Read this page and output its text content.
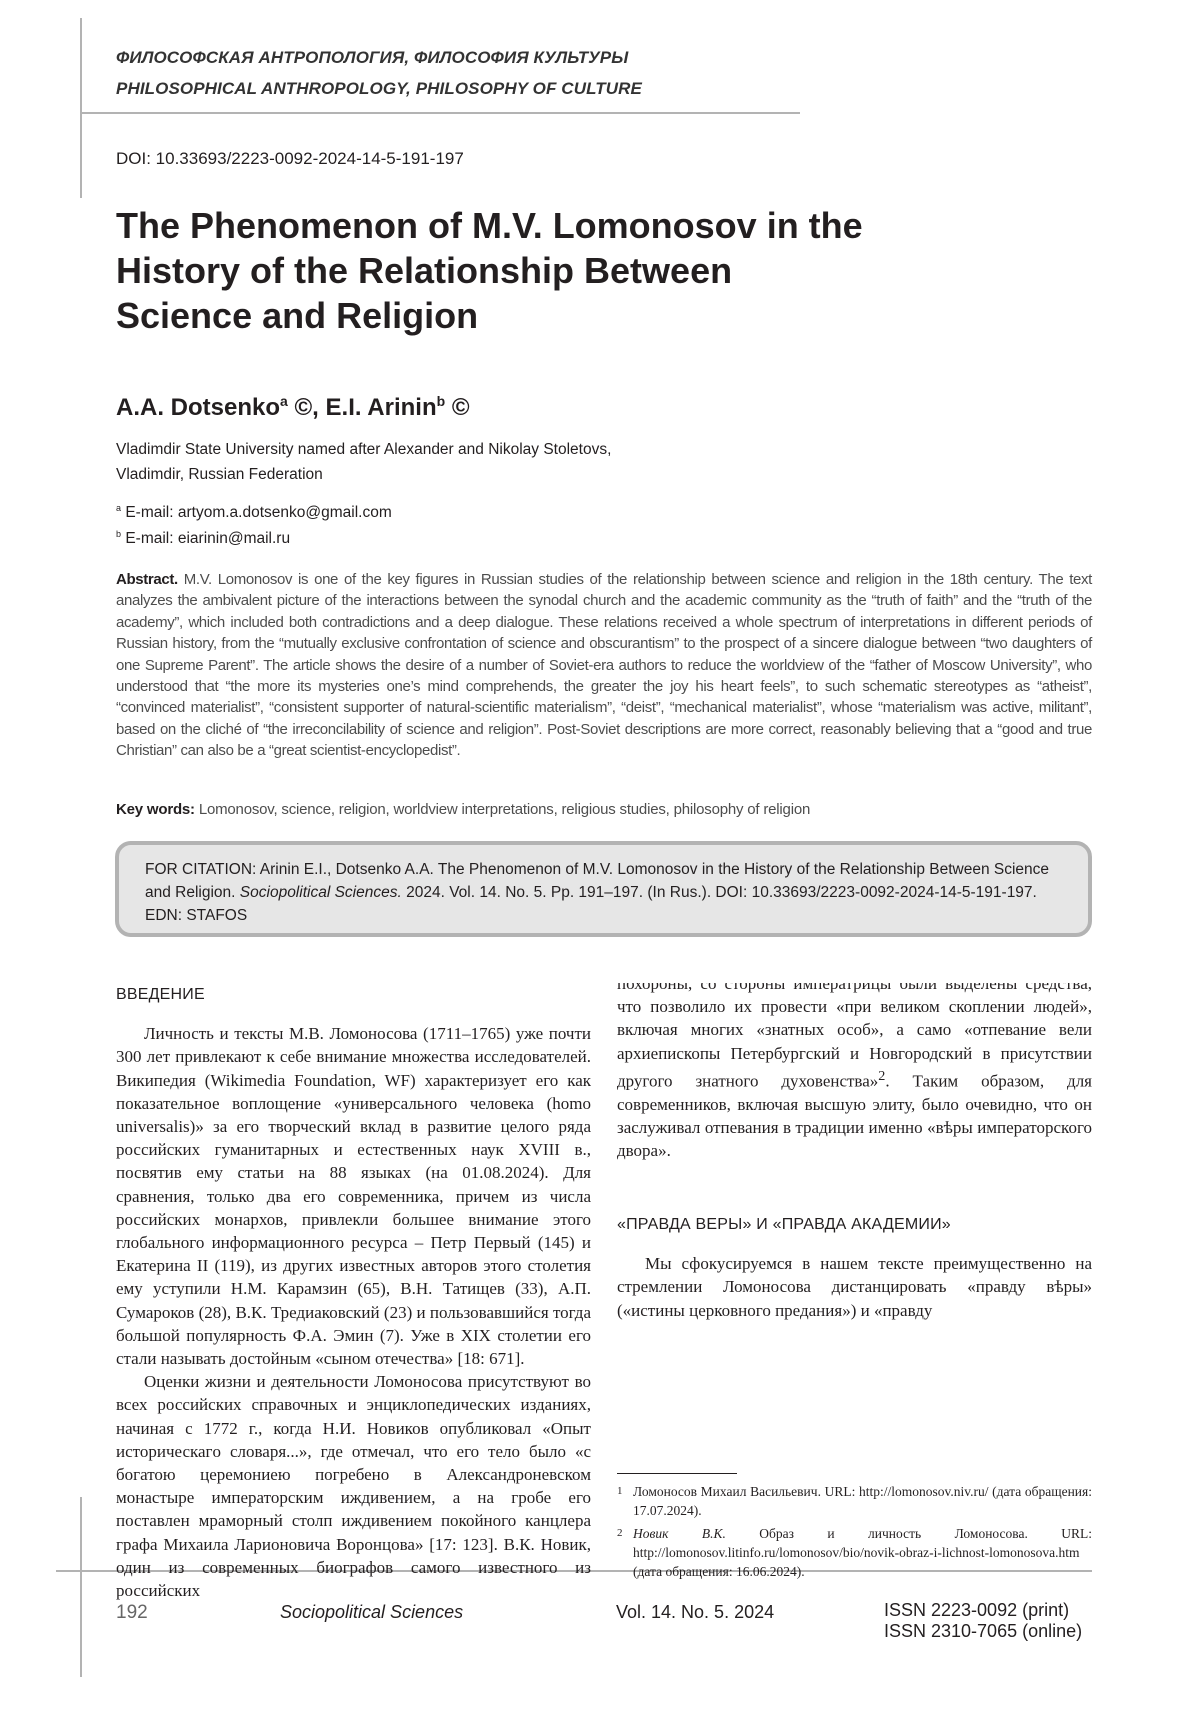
ФИЛОСОФСКАЯ АНТРОПОЛОГИЯ, ФИЛОСОФИЯ КУЛЬТУРЫ
PHILOSOPHICAL ANTHROPOLOGY, PHILOSOPHY OF CULTURE
DOI: 10.33693/2223-0092-2024-14-5-191-197
The Phenomenon of M.V. Lomonosov in the History of the Relationship Between Science and Religion
A.A. Dotsenkoa ©, E.I. Arininb ©
Vladimdir State University named after Alexander and Nikolay Stoletovs,
Vladimdir, Russian Federation
a E-mail: artyom.a.dotsenko@gmail.com
b E-mail: eiarinin@mail.ru

Abstract. M.V. Lomonosov is one of the key figures in Russian studies of the relationship between science and religion in the 18th century. The text analyzes the ambivalent picture of the interactions between the synodal church and the academic community as the “truth of faith” and the “truth of the academy”, which included both contradictions and a deep dialogue. These relations received a whole spectrum of interpretations in different periods of Russian history, from the “mutually exclusive confrontation of science and obscurantism” to the prospect of a sincere dialogue between “two daughters of one Supreme Parent”. The article shows the desire of a number of Soviet-era authors to reduce the worldview of the “father of Moscow University”, who understood that “the more its mysteries one’s mind comprehends, the greater the joy his heart feels”, to such schematic stereotypes as “atheist”, “convinced materialist”, “consistent supporter of natural-scientific materialism”, “deist”, “mechanical materialist”, whose “materialism was active, militant”, based on the cliché of “the irreconcilability of science and religion”. Post-Soviet descriptions are more correct, reasonably believing that a “good and true Christian” can also be a “great scientist-encyclopedist”.

Key words: Lomonosov, science, religion, worldview interpretations, religious studies, philosophy of religion

FOR CITATION: Arinin E.I., Dotsenko A.A. The Phenomenon of M.V. Lomonosov in the History of the Relationship Between Science and Religion. Sociopolitical Sciences. 2024. Vol. 14. No. 5. Pp. 191–197. (In Rus.). DOI: 10.33693/2223-0092-2024-14-5-191-197. EDN: STAFOS
ВВЕДЕНИЕ

Личность и тексты М.В. Ломоносова (1711–1765) уже почти 300 лет привлекают к себе внимание множества исследователей. Википедия (Wikimedia Foundation, WF) характеризует его как показательное воплощение «универсального человека (homo universalis)» за его творческий вклад в развитие целого ряда российских гуманитарных и естественных наук XVIII в., посвятив ему статьи на 88 языках (на 01.08.2024). Для сравнения, только два его современника, причем из числа российских монархов, привлекли большее внимание этого глобального информационного ресурса – Петр Первый (145) и Екатерина II (119), из других известных авторов этого столетия ему уступили Н.М. Карамзин (65), В.Н. Татищев (33), А.П. Сумароков (28), В.К. Тредиаковский (23) и пользовавшийся тогда большой популярность Ф.А. Эмин (7). Уже в XIX столетии его стали называть достойным «сыном отечества» [18: 671].

Оценки жизни и деятельности Ломоносова присутствуют во всех российских справочных и энциклопедических изданиях, начиная с 1772 г., когда Н.И. Новиков опубликовал «Опыт историческагo словаря...», где отмечал, что его тело было «с богатою церемониею погребено в Александроневском монастыре императорским иждивением, а на гробе его поставлен мраморный столп иждивением покойного канцлера графа Михаила Ларионовича Воронцова» [17: 123]. В.К. Новик, один из современных биографов самого известного из российских

похороны, со стороны императрицы были выделены средства, что позволило их провести «при великом скоплении людей», включая многих «знатных особ», а само «отпевание вели архиепископы Петербургский и Новгородский в присутствии другого знатного духовенства»2. Таким образом, для современников, включая высшую элиту, было очевидно, что он заслуживал отпевания в традиции именно «вѣры императорского двора».

«ПРАВДА ВЕРЫ» И «ПРАВДА АКАДЕМИИ»

Мы сфокусируемся в нашем тексте преимущественно на стремлении Ломоносова дистанцировать «правду вѣры» («истины церковного предания») и «правду

1 Ломоносов Михаил Васильевич. URL: http://lomonosov.niv.ru/ (дата обращения: 17.07.2024).
2 Новик В.К. Образ и личность Ломоносова. URL: http://lomonosov.litinfo.ru/lomonosov/bio/novik-obraz-i-lichnost-lomonosova.htm (дата обращения: 16.06.2024).
192	Sociopolitical Sciences	Vol. 14. No. 5. 2024	ISSN 2223-0092 (print)
ISSN 2310-7065 (online)
